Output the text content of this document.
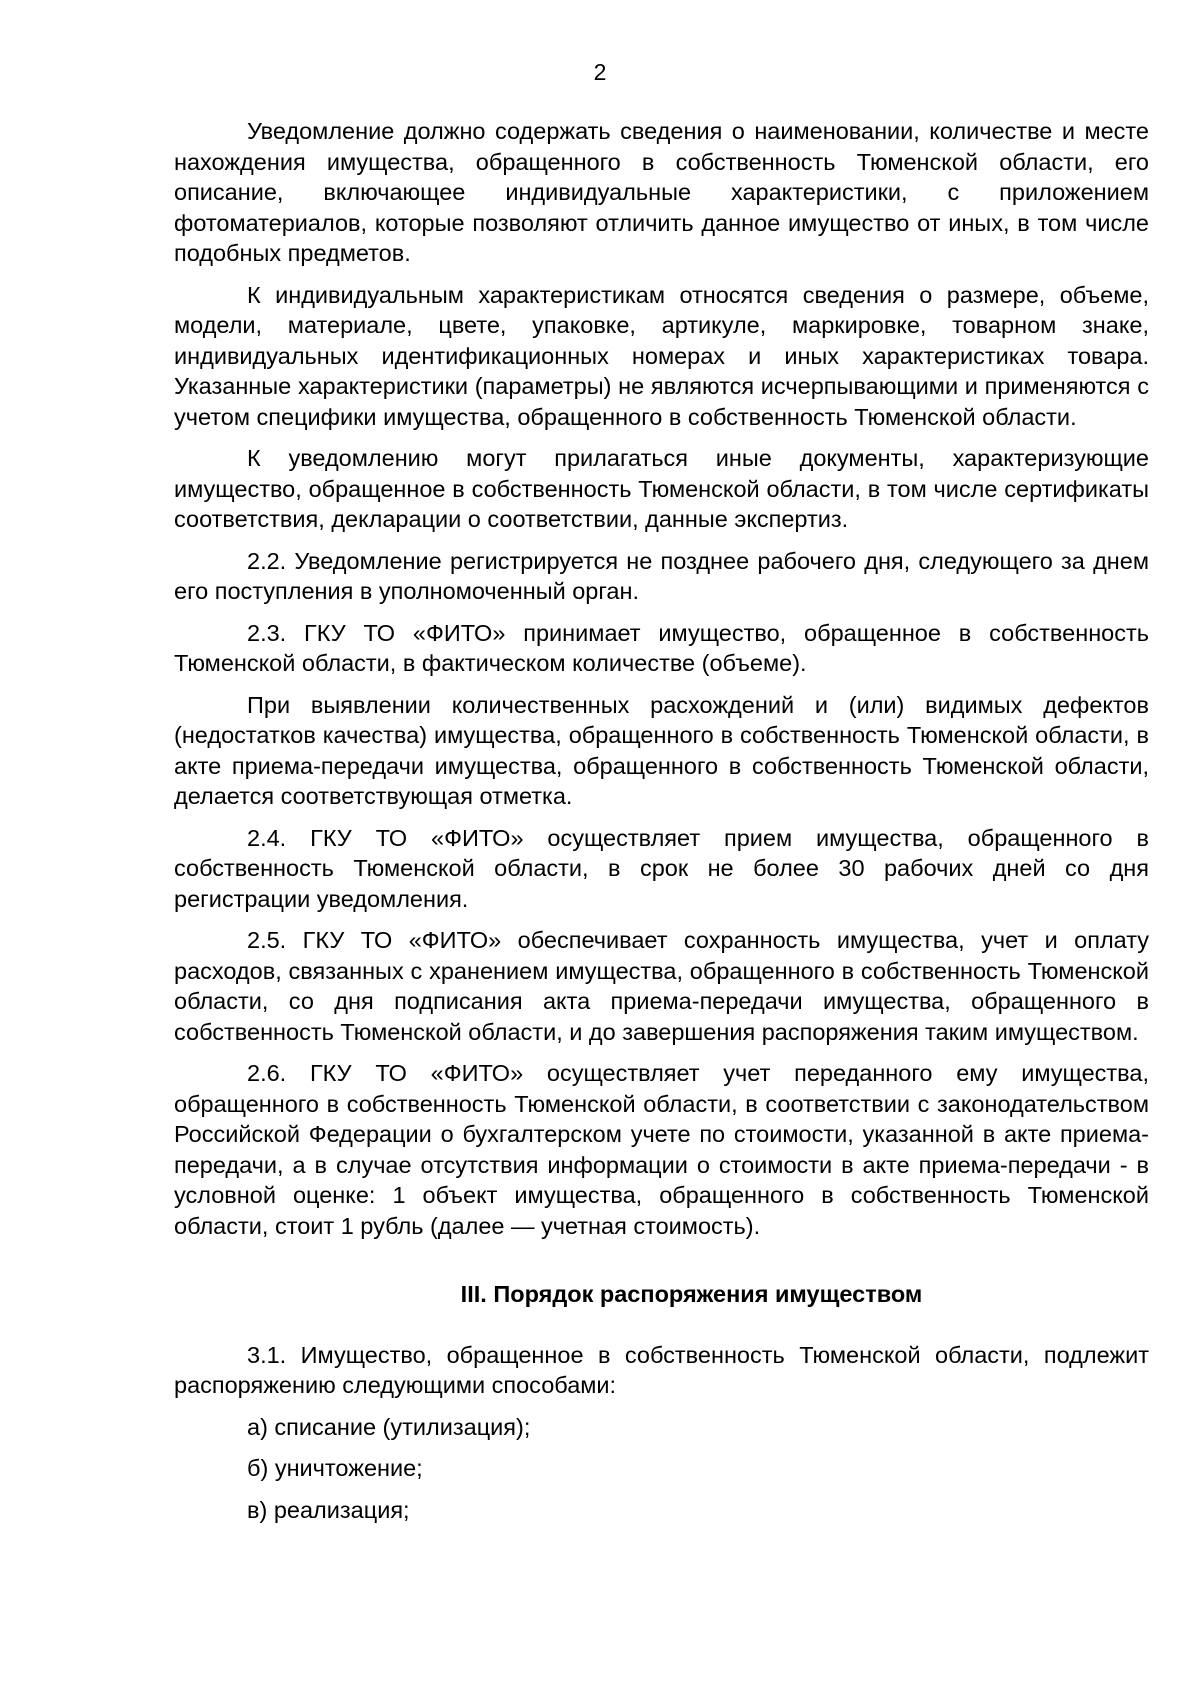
2

Уведомление должно содержать сведения о наименовании, количестве и месте нахождения имущества, обращенного в собственность Тюменской области, его описание, включающее индивидуальные характеристики, с приложением фотоматериалов, которые позволяют отличить данное имущество от иных, в том числе подобных предметов.

К индивидуальным характеристикам относятся сведения о размере, объеме, модели, материале, цвете, упаковке, артикуле, маркировке, товарном знаке, индивидуальных идентификационных номерах и иных характеристиках товара. Указанные характеристики (параметры) не являются исчерпывающими и применяются с учетом специфики имущества, обращенного в собственность Тюменской области.

К уведомлению могут прилагаться иные документы, характеризующие имущество, обращенное в собственность Тюменской области, в том числе сертификаты соответствия, декларации о соответствии, данные экспертиз.

2.2. Уведомление регистрируется не позднее рабочего дня, следующего за днем его поступления в уполномоченный орган.

2.3. ГКУ ТО «ФИТО» принимает имущество, обращенное в собственность Тюменской области, в фактическом количестве (объеме).

При выявлении количественных расхождений и (или) видимых дефектов (недостатков качества) имущества, обращенного в собственность Тюменской области, в акте приема-передачи имущества, обращенного в собственность Тюменской области, делается соответствующая отметка.

2.4. ГКУ ТО «ФИТО» осуществляет прием имущества, обращенного в собственность Тюменской области, в срок не более 30 рабочих дней со дня регистрации уведомления.

2.5. ГКУ ТО «ФИТО» обеспечивает сохранность имущества, учет и оплату расходов, связанных с хранением имущества, обращенного в собственность Тюменской области, со дня подписания акта приема-передачи имущества, обращенного в собственность Тюменской области, и до завершения распоряжения таким имуществом.

2.6. ГКУ ТО «ФИТО» осуществляет учет переданного ему имущества, обращенного в собственность Тюменской области, в соответствии с законодательством Российской Федерации о бухгалтерском учете по стоимости, указанной в акте приема-передачи, а в случае отсутствия информации о стоимости в акте приема-передачи - в условной оценке: 1 объект имущества, обращенного в собственность Тюменской области, стоит 1 рубль (далее — учетная стоимость).

III. Порядок распоряжения имуществом

3.1. Имущество, обращенное в собственность Тюменской области, подлежит распоряжению следующими способами:

а) списание (утилизация);
б) уничтожение;
в) реализация;
